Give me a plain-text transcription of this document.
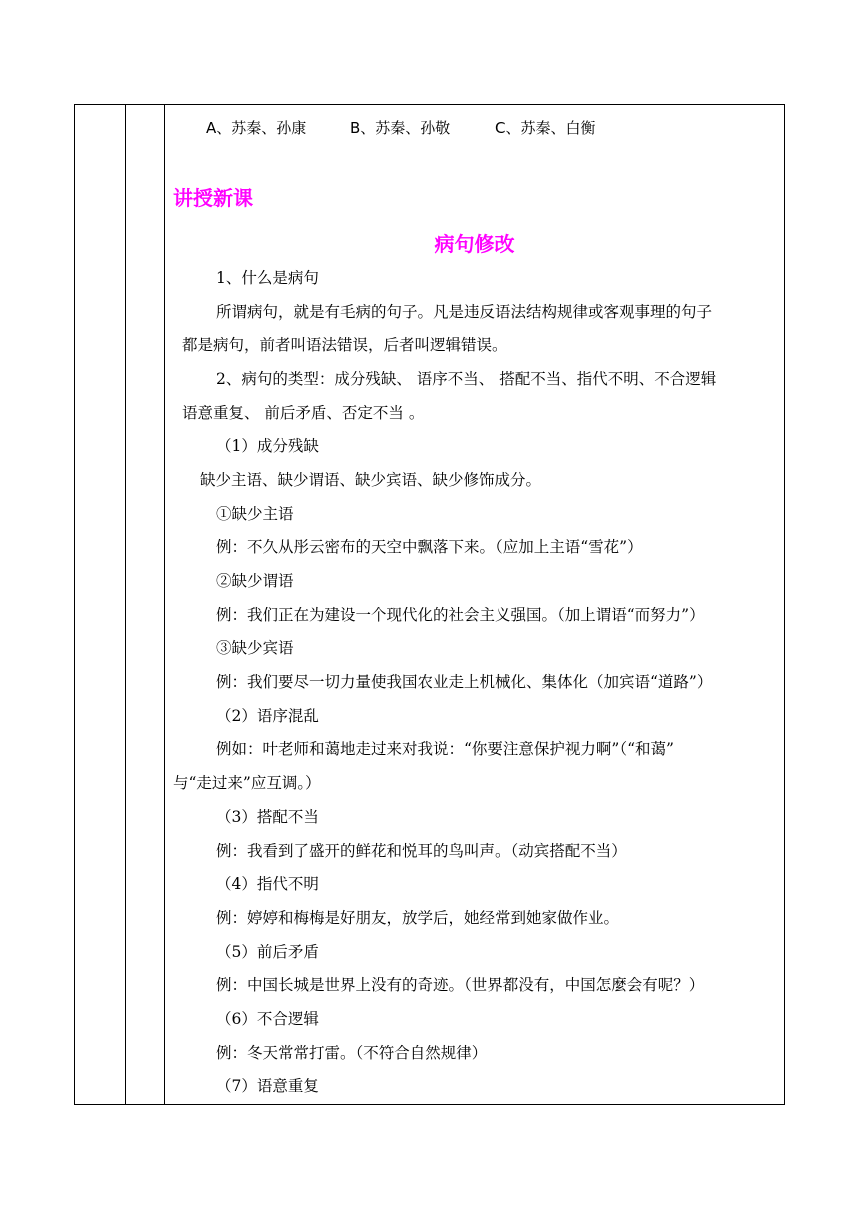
A、苏秦、孙康	B、苏秦、孙敬	C、苏秦、白衡
讲授新课
病句修改
1、什么是病句
所谓病句，就是有毛病的句子。凡是违反语法结构规律或客观事理的句子
都是病句，前者叫语法错误，后者叫逻辑错误。
2、病句的类型：成分残缺、 语序不当、 搭配不当、指代不明、不合逻辑
语意重复、 前后矛盾、否定不当 。
（1）成分残缺
缺少主语、缺少谓语、缺少宾语、缺少修饰成分。
①缺少主语
例：不久从彤云密布的天空中飘落下来。（应加上主语“雪花”）
②缺少谓语
例：我们正在为建设一个现代化的社会主义强国。（加上谓语“而努力”）
③缺少宾语
例：我们要尽一切力量使我国农业走上机械化、集体化（加宾语“道路”）
（2）语序混乱
例如：叶老师和蔼地走过来对我说：“你要注意保护视力啊”（“和蔼”
与“走过来”应互调。）
（3）搭配不当
例：我看到了盛开的鲜花和悦耳的鸟叫声。（动宾搭配不当）
（4）指代不明
例：婷婷和梅梅是好朋友，放学后，她经常到她家做作业。
（5）前后矛盾
例：中国长城是世界上没有的奇迹。（世界都没有，中国怎麼会有呢？）
（6）不合逻辑
例：冬天常常打雷。（不符合自然规律）
（7）语意重复
